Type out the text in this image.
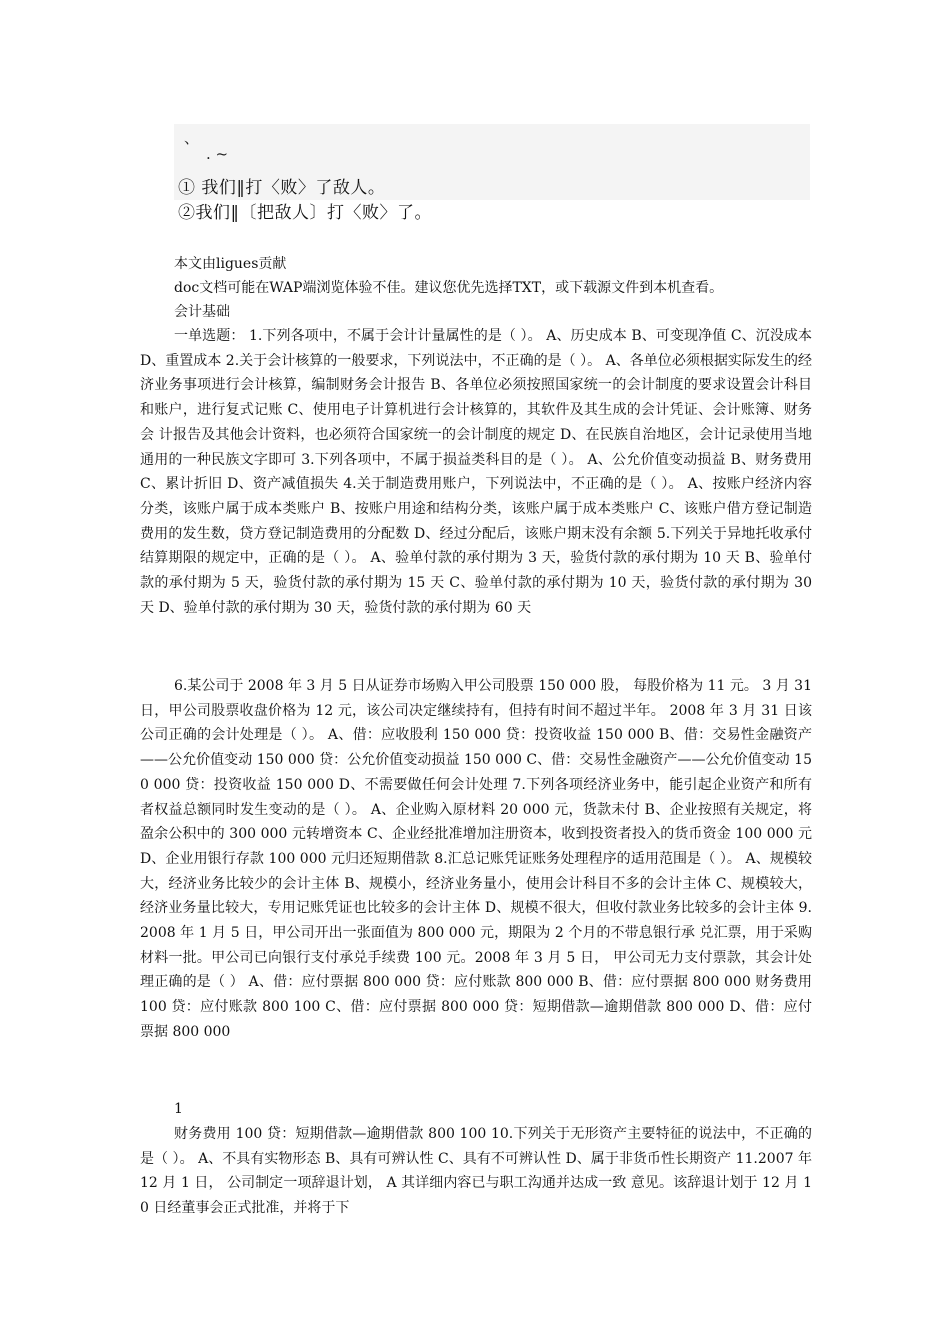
、
. ~
① 我们‖打〈败〉了敌人。
②我们‖〔把敌人〕打〈败〉了。
本文由ligues贡献
doc文档可能在WAP端浏览体验不佳。建议您优先选择TXT，或下载源文件到本机查看。
会计基础

一单选题： 1.下列各项中，不属于会计计量属性的是（ ）。 A、历史成本 B、可变现净值 C、沉没成本 D、重置成本 2.关于会计核算的一般要求，下列说法中，不正确的是（ ）。 A、各单位必须根据实际发生的经济业务事项进行会计核算，编制财务会计报告 B、各单位必须按照国家统一的会计制度的要求设置会计科目和账户，进行复式记账 C、使用电子计算机进行会计核算的，其软件及其生成的会计凭证、会计账簿、财务会 计报告及其他会计资料，也必须符合国家统一的会计制度的规定 D、在民族自治地区，会计记录使用当地通用的一种民族文字即可 3.下列各项中，不属于损益类科目的是（ ）。 A、公允价值变动损益 B、财务费用 C、累计折旧 D、资产减值损失 4.关于制造费用账户，下列说法中，不正确的是（ ）。 A、按账户经济内容分类，该账户属于成本类账户 B、按账户用途和结构分类，该账户属于成本类账户 C、该账户借方登记制造费用的发生数，贷方登记制造费用的分配数 D、经过分配后，该账户期末没有余额 5.下列关于异地托收承付结算期限的规定中，正确的是（ ）。 A、验单付款的承付期为 3 天，验货付款的承付期为 10 天 B、验单付款的承付期为 5 天，验货付款的承付期为 15 天 C、验单付款的承付期为 10 天，验货付款的承付期为 30 天 D、验单付款的承付期为 30 天，验货付款的承付期为 60 天

6.某公司于 2008 年 3 月 5 日从证券市场购入甲公司股票 150 000 股， 每股价格为 11 元。 3 月 31 日，甲公司股票收盘价格为 12 元，该公司决定继续持有，但持有时间不超过半年。 2008 年 3 月 31 日该公司正确的会计处理是（ ）。 A、借：应收股利 150 000 贷：投资收益 150 000 B、借：交易性金融资产——公允价值变动 150 000 贷：公允价值变动损益 150 000 C、借：交易性金融资产——公允价值变动 150 000 贷：投资收益 150 000 D、不需要做任何会计处理 7.下列各项经济业务中，能引起企业资产和所有者权益总额同时发生变动的是（ ）。 A、企业购入原材料 20 000 元，货款未付 B、企业按照有关规定，将盈余公积中的 300 000 元转增资本 C、企业经批准增加注册资本，收到投资者投入的货币资金 100 000 元 D、企业用银行存款 100 000 元归还短期借款 8.汇总记账凭证账务处理程序的适用范围是（ ）。 A、规模较大，经济业务比较少的会计主体 B、规模小，经济业务量小，使用会计科目不多的会计主体 C、规模较大，经济业务量比较大，专用记账凭证也比较多的会计主体 D、规模不很大，但收付款业务比较多的会计主体 9.2008 年 1 月 5 日，甲公司开出一张面值为 800 000 元，期限为 2 个月的不带息银行承 兑汇票，用于采购材料一批。甲公司已向银行支付承兑手续费 100 元。2008 年 3 月 5 日， 甲公司无力支付票款，其会计处理正确的是（ ） A、借：应付票据 800 000 贷：应付账款 800 000 B、借：应付票据 800 000 财务费用 100 贷：应付账款 800 100 C、借：应付票据 800 000 贷：短期借款—逾期借款 800 000 D、借：应付票据 800 000

1

财务费用 100 贷：短期借款—逾期借款 800 100 10.下列关于无形资产主要特征的说法中，不正确的是（ ）。 A、不具有实物形态 B、具有可辨认性 C、具有不可辨认性 D、属于非货币性长期资产 11.2007 年 12 月 1 日， 公司制定一项辞退计划， A 其详细内容已与职工沟通并达成一致 意见。该辞退计划于 12 月 10 日经董事会正式批准，并将于下
